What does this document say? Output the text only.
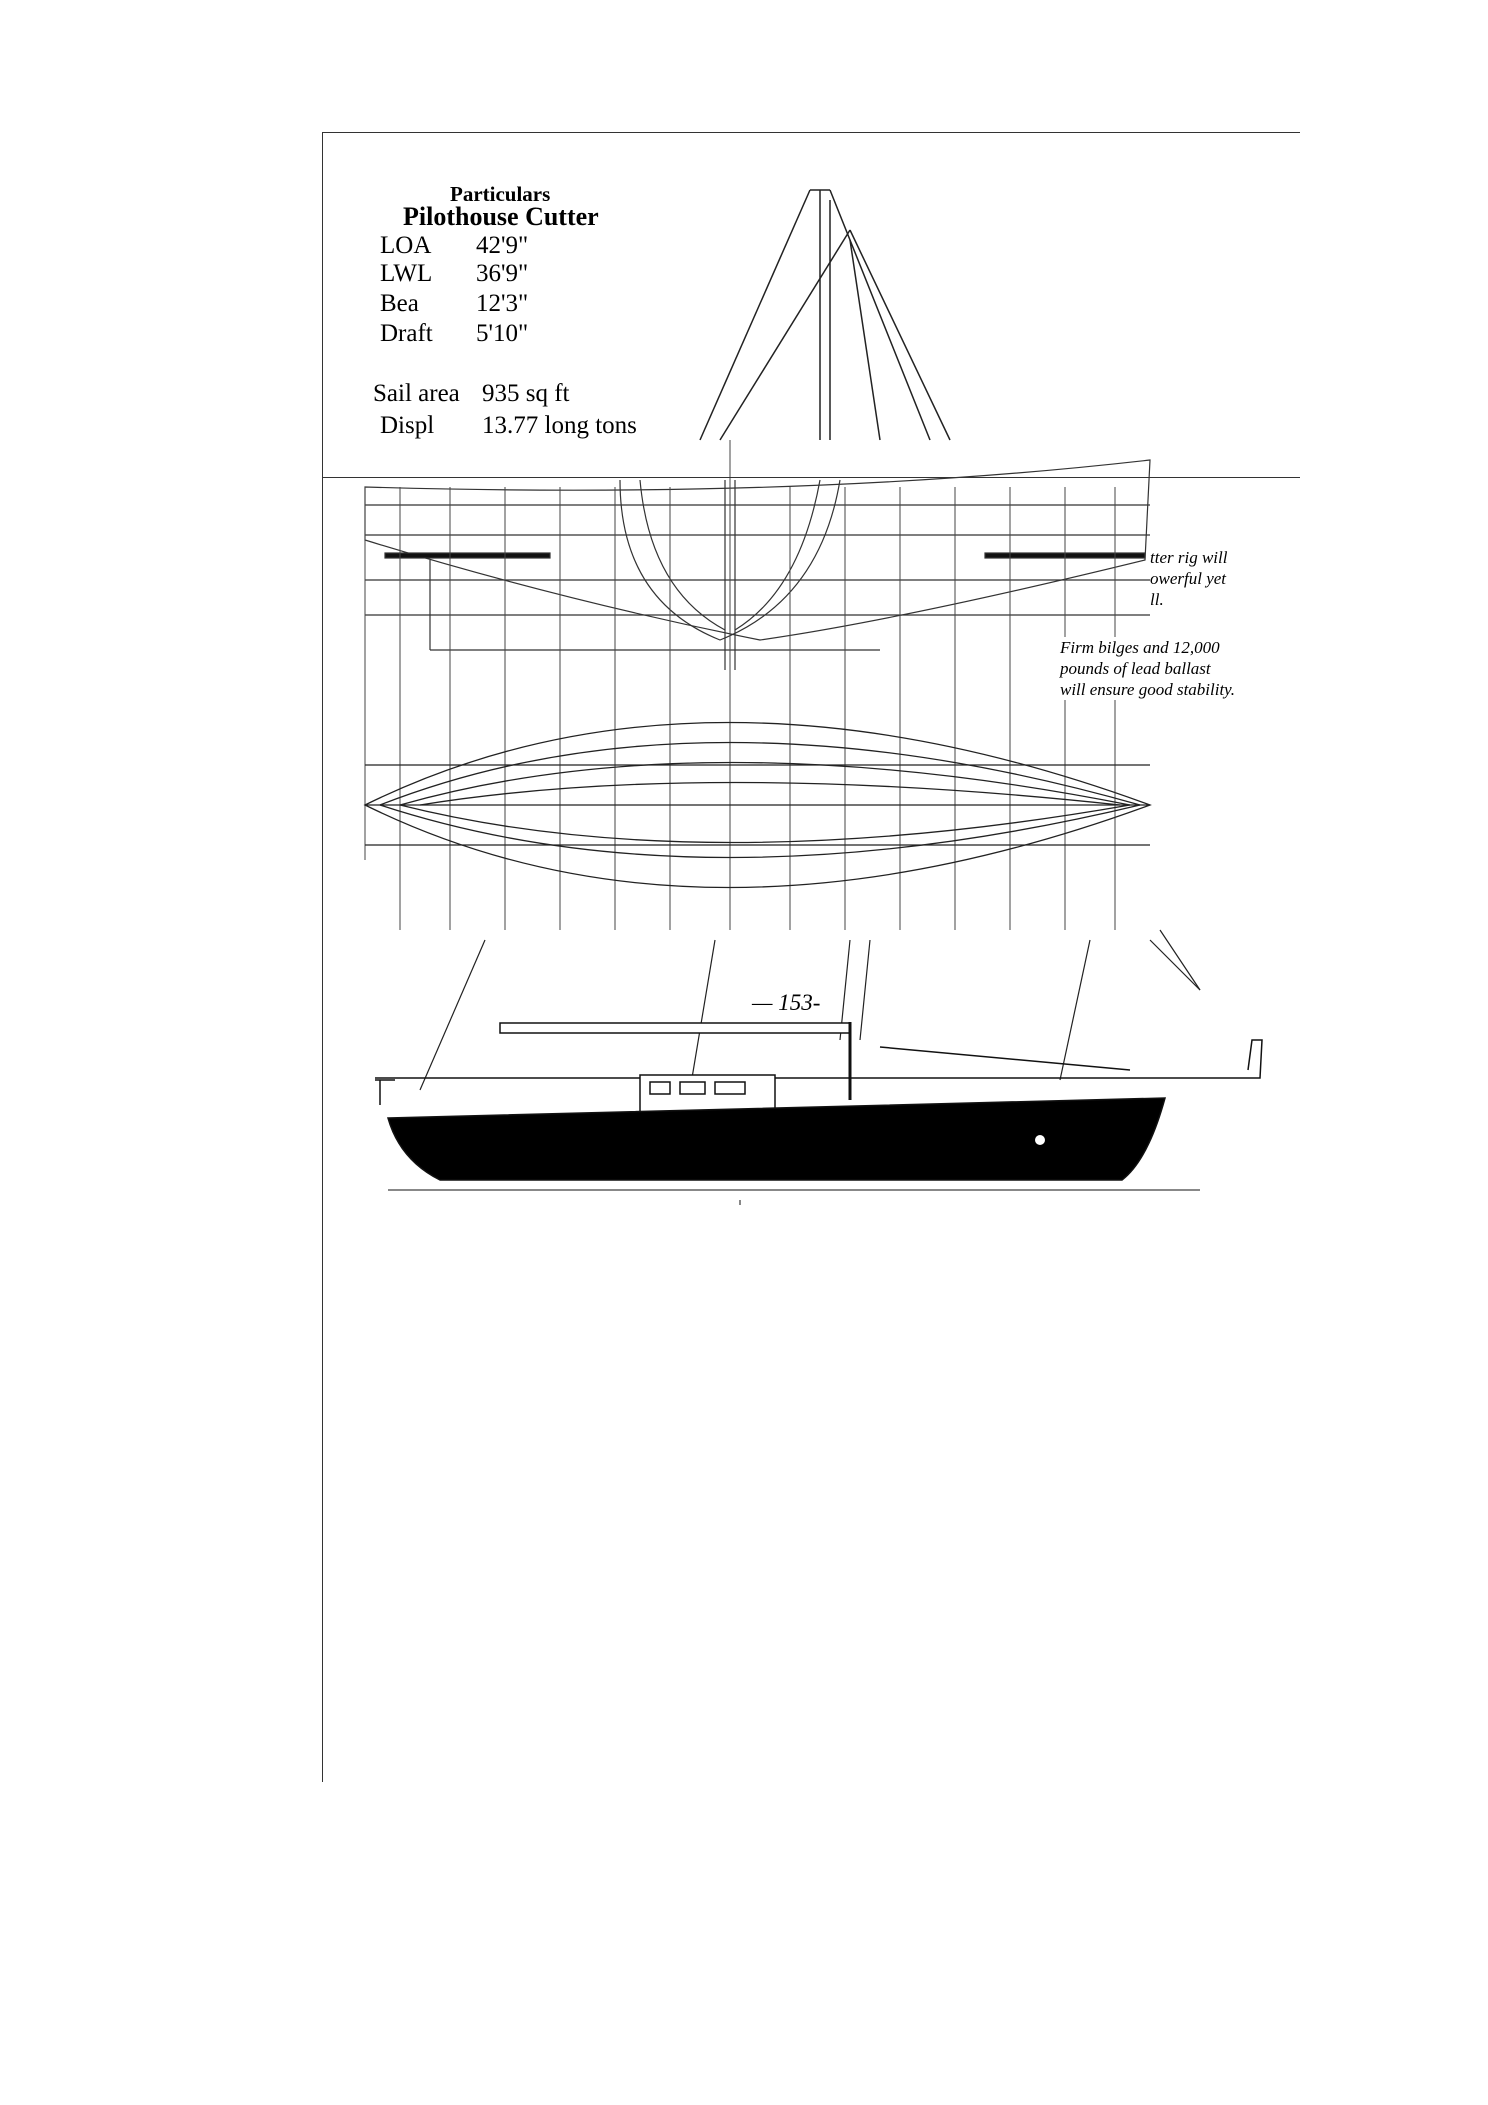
Particulars
Pilothouse Cutter
LOA 42'9"
LWL 36'9"
Bea 12'3"
Draft 5'10"
Sail area 935 sq ft
Displ 13.77 long tons
tter rig will
owerful yet
ll.
Firm bilges and 12,000
pounds of lead ballast
will ensure good stability.
— 153-
